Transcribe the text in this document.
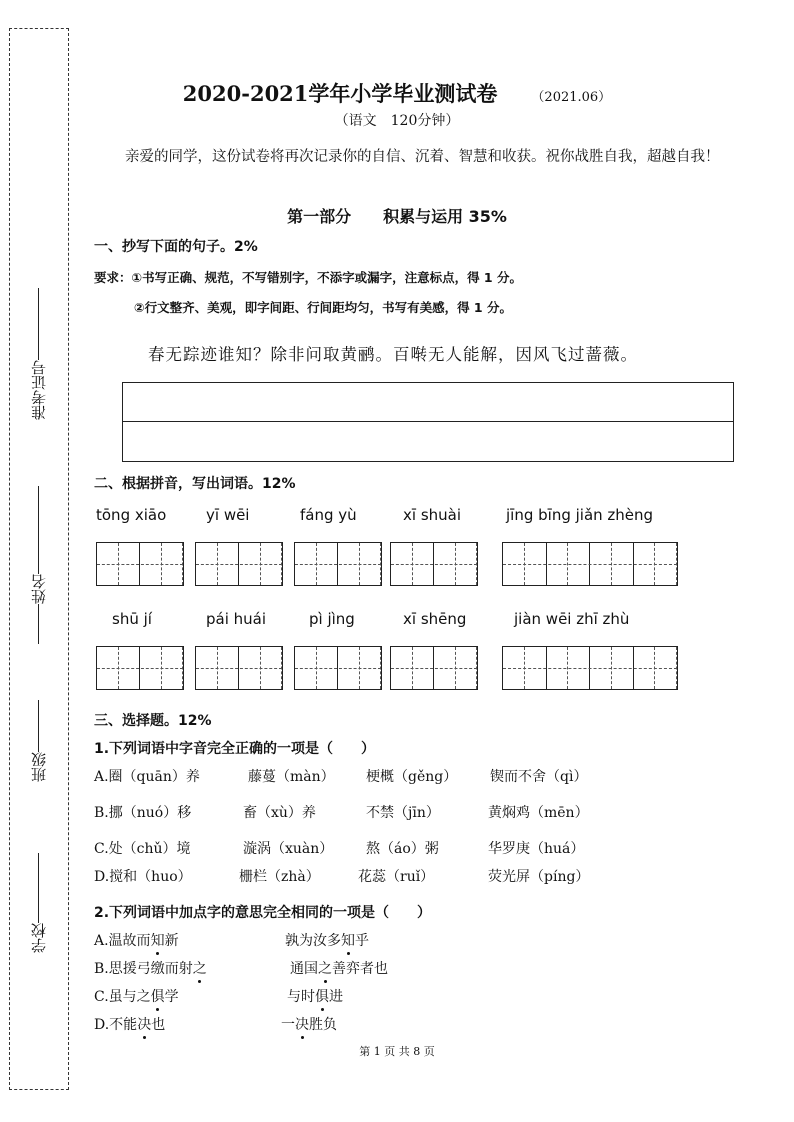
准考证号
姓名
班级
学校
2020-2021学年小学毕业测试卷	（2021.06）
（语文　120分钟）
亲爱的同学，这份试卷将再次记录你的自信、沉着、智慧和收获。祝你战胜自我，超越自我！
第一部分　　积累与运用 35%
一、抄写下面的句子。2%
要求：①书写正确、规范，不写错别字，不添字或漏字，注意标点，得 1 分。
②行文整齐、美观，即字间距、行间距均匀，书写有美感，得 1 分。
春无踪迹谁知？除非问取黄鹂。百啭无人能解，因风飞过蔷薇。
二、根据拼音，写出词语。12%
tōng xiāo	yī wēi	fáng yù	xī shuài	jīng bīng jiǎn zhèng
shū jí	pái huái	pì jìng	xī shēng	jiàn wēi zhī zhù
三、选择题。12%
1.下列词语中字音完全正确的一项是（　　）
A.圈（quān）养	藤蔓（màn） 梗概（gěng） 锲而不舍（qì）
B.挪（nuó）移	畜（xù）养	不禁（jīn）	黄焖鸡（mēn）
C.处（chǔ）境	漩涡（xuàn） 熬（áo）粥	华罗庚（huá）
D.搅和（huo）	栅栏（zhà）	花蕊（ruǐ）	荧光屏（píng）
2.下列词语中加点字的意思完全相同的一项是（　　）
A.温故而知新	孰为汝多知乎
B.思援弓缴而射之	通国之善弈者也
C.虽与之俱学	与时俱进
D.不能决也	一决胜负
第 1 页 共 8 页
